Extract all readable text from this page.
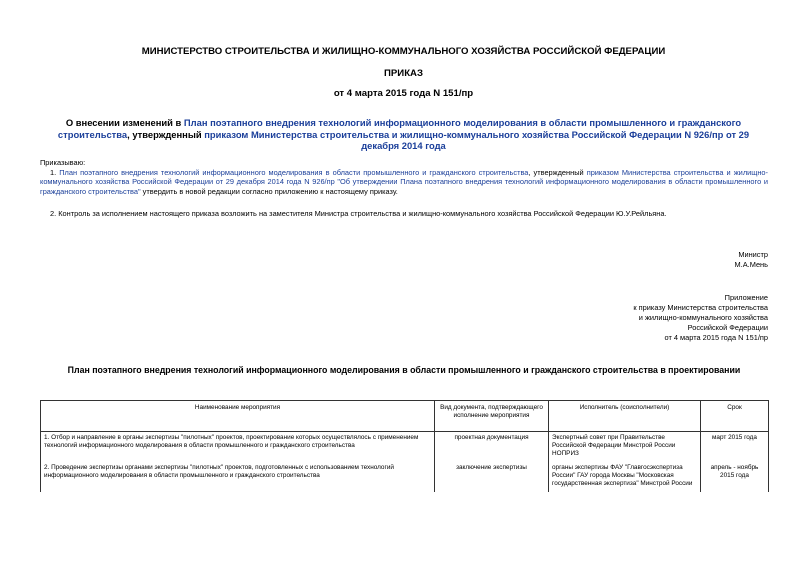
МИНИСТЕРСТВО СТРОИТЕЛЬСТВА И ЖИЛИЩНО-КОММУНАЛЬНОГО ХОЗЯЙСТВА РОССИЙСКОЙ ФЕДЕРАЦИИ
ПРИКАЗ
от 4 марта 2015 года N 151/пр
О внесении изменений в План поэтапного внедрения технологий информационного моделирования в области промышленного и гражданского строительства, утвержденный приказом Министерства строительства и жилищно-коммунального хозяйства Российской Федерации N 926/пр от 29 декабря 2014 года
Приказываю:
1. План поэтапного внедрения технологий информационного моделирования в области промышленного и гражданского строительства, утвержденный приказом Министерства строительства и жилищно-коммунального хозяйства Российской Федерации от 29 декабря 2014 года N 926/пр "Об утверждении Плана поэтапного внедрения технологий информационного моделирования в области промышленного и гражданского строительства" утвердить в новой редакции согласно приложению к настоящему приказу.
2. Контроль за исполнением настоящего приказа возложить на заместителя Министра строительства и жилищно-коммунального хозяйства Российской Федерации Ю.У.Рейльяна.
Министр
М.А.Мень
Приложение
к приказу Министерства строительства
и жилищно-коммунального хозяйства
Российской Федерации
от 4 марта 2015 года N 151/пр
План поэтапного внедрения технологий информационного моделирования в области промышленного и гражданского строительства в проектировании
Наименование мероприятия	Вид документа, подтверждающего исполнение мероприятия	Исполнитель (соисполнители)	Срок
1. Отбор и направление в органы экспертизы "пилотных" проектов, проектирование которых осуществлялось с применением технологий информационного моделирования в области промышленного и гражданского строительства	проектная документация	Экспертный совет при Правительстве Российской Федерации Минстрой России НОПРИЗ	март 2015 года
2. Проведение экспертизы органами экспертизы "пилотных" проектов, подготовленных с использованием технологий информационного моделирования в области промышленного и гражданского строительства	заключение экспертизы	органы экспертизы ФАУ "Главгосэкспертиза России" ГАУ города Москвы "Московская государственная экспертиза" Минстрой России	апрель - ноябрь 2015 года
